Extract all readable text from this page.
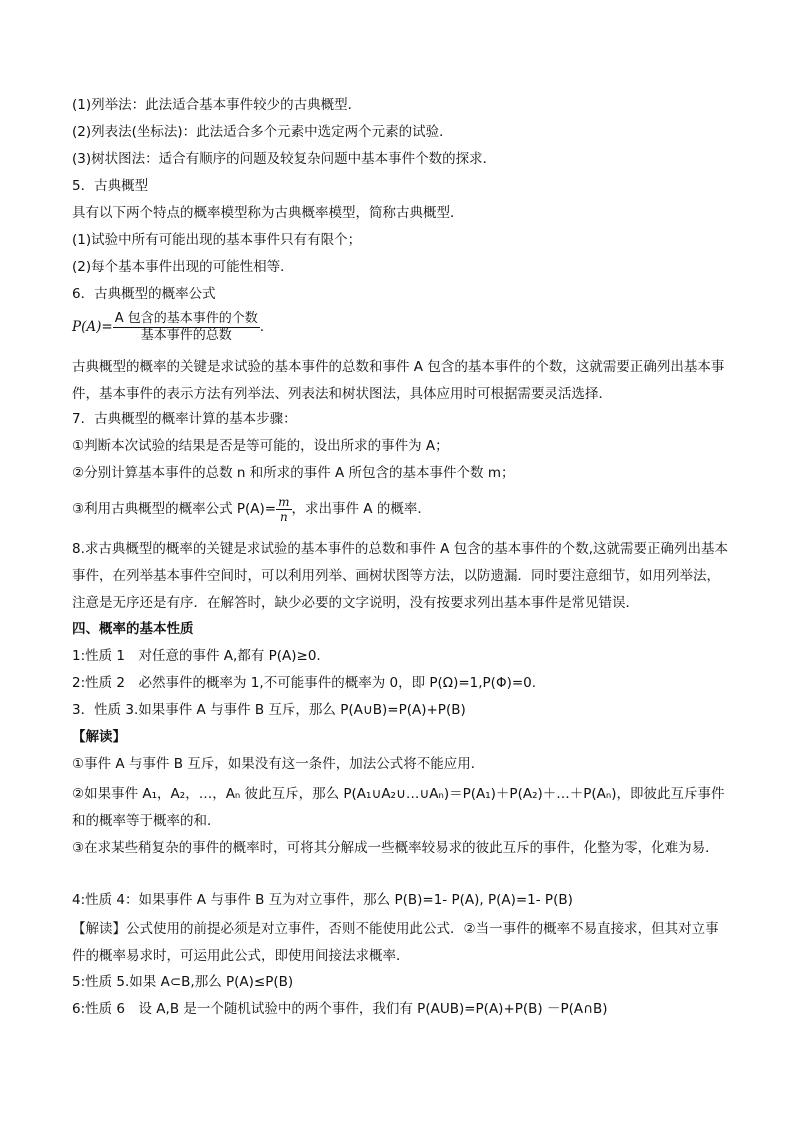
(1)列举法：此法适合基本事件较少的古典概型．
(2)列表法(坐标法)：此法适合多个元素中选定两个元素的试验．
(3)树状图法：适合有顺序的问题及较复杂问题中基本事件个数的探求．
5．古典概型
具有以下两个特点的概率模型称为古典概率模型，简称古典概型．
(1)试验中所有可能出现的基本事件只有有限个；
(2)每个基本事件出现的可能性相等．
6．古典概型的概率公式
$P(A)= \frac{\text{A 包含的基本事件的个数}}{\text{基本事件的总数}}$ .
古典概型的概率的关键是求试验的基本事件的总数和事件 A 包含的基本事件的个数，这就需要正确列出基本事件，基本事件的表示方法有列举法、列表法和树状图法，具体应用时可根据需要灵活选择．
7．古典概型的概率计算的基本步骤：
①判断本次试验的结果是否是等可能的，设出所求的事件为 A；
②分别计算基本事件的总数 n 和所求的事件 A 所包含的基本事件个数 m；
③利用古典概型的概率公式 $P(A)= \frac{m}{n}$ ，求出事件 A 的概率.
8.求古典概型的概率的关键是求试验的基本事件的总数和事件 A 包含的基本事件的个数,这就需要正确列出基本事件，在列举基本事件空间时，可以利用列举、画树状图等方法，以防遗漏．同时要注意细节，如用列举法，注意是无序还是有序．在解答时，缺少必要的文字说明，没有按要求列出基本事件是常见错误．
四、概率的基本性质
1:性质 1　对任意的事件 A,都有 P(A)≥0.
2:性质 2　必然事件的概率为 1,不可能事件的概率为 0，即 P(Ω)=1,P(Φ)=0.
3．性质 3.如果事件 A 与事件 B 互斥，那么 P(A∪B)=P(A)+P(B)
【解读】
①事件 A 与事件 B 互斥，如果没有这一条件，加法公式将不能应用．
②如果事件 A₁，A₂，…，Aₙ 彼此互斥，那么 P(A₁∪A₂∪…∪Aₙ)＝P(A₁)＋P(A₂)＋…＋P(Aₙ)，即彼此互斥事件和的概率等于概率的和．
③在求某些稍复杂的事件的概率时，可将其分解成一些概率较易求的彼此互斥的事件，化整为零，化难为易．
4:性质 4：如果事件 A 与事件 B 互为对立事件，那么 P(B)=1- P(A), P(A)=1- P(B)
【解读】公式使用的前提必须是对立事件，否则不能使用此公式．②当一事件的概率不易直接求，但其对立事件的概率易求时，可运用此公式，即使用间接法求概率．
5:性质 5.如果 A⊂B,那么 P(A)≤P(B)
6:性质 6　设 A,B 是一个随机试验中的两个事件，我们有 P(AUB)=P(A)+P(B) －P(A∩B)
